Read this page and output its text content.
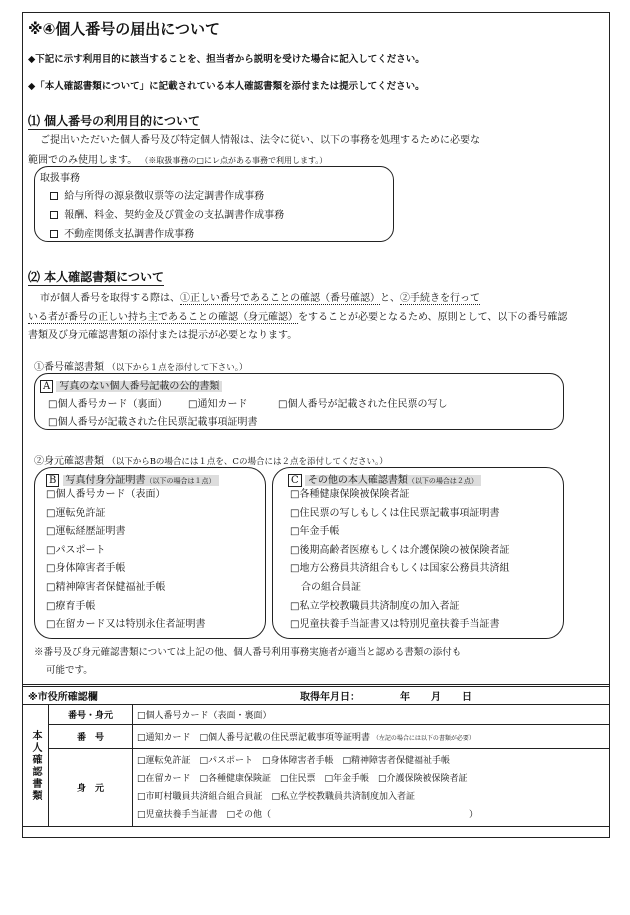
※④個人番号の届出について
◆下記に示す利用目的に該当することを、担当者から説明を受けた場合に記入してください。
◆「本人確認書類について」に記載されている本人確認書類を添付または提示してください。
⑴ 個人番号の利用目的について
ご提出いただいた個人番号及び特定個人情報は、法令に従い、以下の事務を処理するために必要な
範囲でのみ使用します。 （※取扱事務の□にレ点がある事務で利用します。）
取扱事務
給与所得の源泉徴収票等の法定調書作成事務
報酬、料金、契約金及び賞金の支払調書作成事務
不動産関係支払調書作成事務
⑵ 本人確認書類について
市が個人番号を取得する際は、①正しい番号であることの確認（番号確認）と、②手続きを行って
いる者が番号の正しい持ち主であることの確認（身元確認）をすることが必要となるため、原則として、以下の番号確認
書類及び身元確認書類の添付または提示が必要となります。
①番号確認書類 （以下から１点を添付して下さい。）
A 写真のない個人番号記載の公的書類
□個人番号カード（裏面） □通知カード	□個人番号が記載された住民票の写し
□個人番号が記載された住民票記載事項証明書
②身元確認書類 （以下からBの場合には１点を、Cの場合には２点を添付してください。）
B 写真付身分証明書（以下の場合は１点）
□個人番号カード（表面）
□運転免許証
□運転経歴証明書
□パスポート
□身体障害者手帳
□精神障害者保健福祉手帳
□療育手帳
□在留カード又は特別永住者証明書
C その他の本人確認書類（以下の場合は２点）
□各種健康保険被保険者証
□住民票の写しもしくは住民票記載事項証明書
□年金手帳
□後期高齢者医療もしくは介護保険の被保険者証
□地方公務員共済組合もしくは国家公務員共済組
合の組合員証
□私立学校教職員共済制度の加入者証
□児童扶養手当証書又は特別児童扶養手当証書
※番号及び身元確認書類については上記の他、個人番号利用事務実施者が適当と認める書類の添付も
可能です。
※市役所確認欄	取得年月日：	年 月 日
本人確認書類	番号・身元	□個人番号カード（表面・裏面）
	番　号	□通知カード　□個人番号記載の住民票記載事項等証明書 （左記の場合には以下の書類が必要）
	身　元	□運転免許証　□パスポート　□身体障害者手帳　□精神障害者保健福祉手帳
□在留カード　□各種健康保険証　□住民票　□年金手帳　□介護保険被保険者証
□市町村職員共済組合組合員証　□私立学校教職員共済制度加入者証
□児童扶養手当証書　□その他（　　　　　　　　　　　　　　　　　　　　　　）
